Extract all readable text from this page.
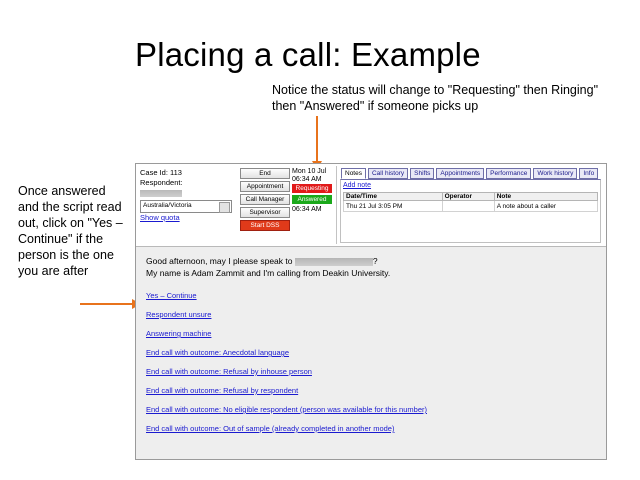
Placing a call: Example
Notice the status will change to "Requesting" then Ringing" then "Answered" if someone picks up
Once answered and the script read out, click on "Yes – Continue" if the person is the one you are after
Case Id: 113
Respondent:
Australia/Victoria
Show quota
End
Appointment
Call Manager
Supervisor
Start DSS
Mon 10 Jul
06:34 AM
Requesting
Answered
06:34 AM
Notes	Call history	Shifts	Appointments	Performance	Work history	Info
Add note
Date/Time	Operator	Note
Thu 21 Jul 3:05 PM		A note about a caller

Good afternoon, may I please speak to	?

My name is Adam Zammit and I'm calling from Deakin University.

Yes – Continue
Respondent unsure
Answering machine
End call with outcome: Anecdotal language
End call with outcome: Refusal by inhouse person
End call with outcome: Refusal by respondent
End call with outcome: No eligible respondent (person was available for this number)
End call with outcome: Out of sample (already completed in another mode)
